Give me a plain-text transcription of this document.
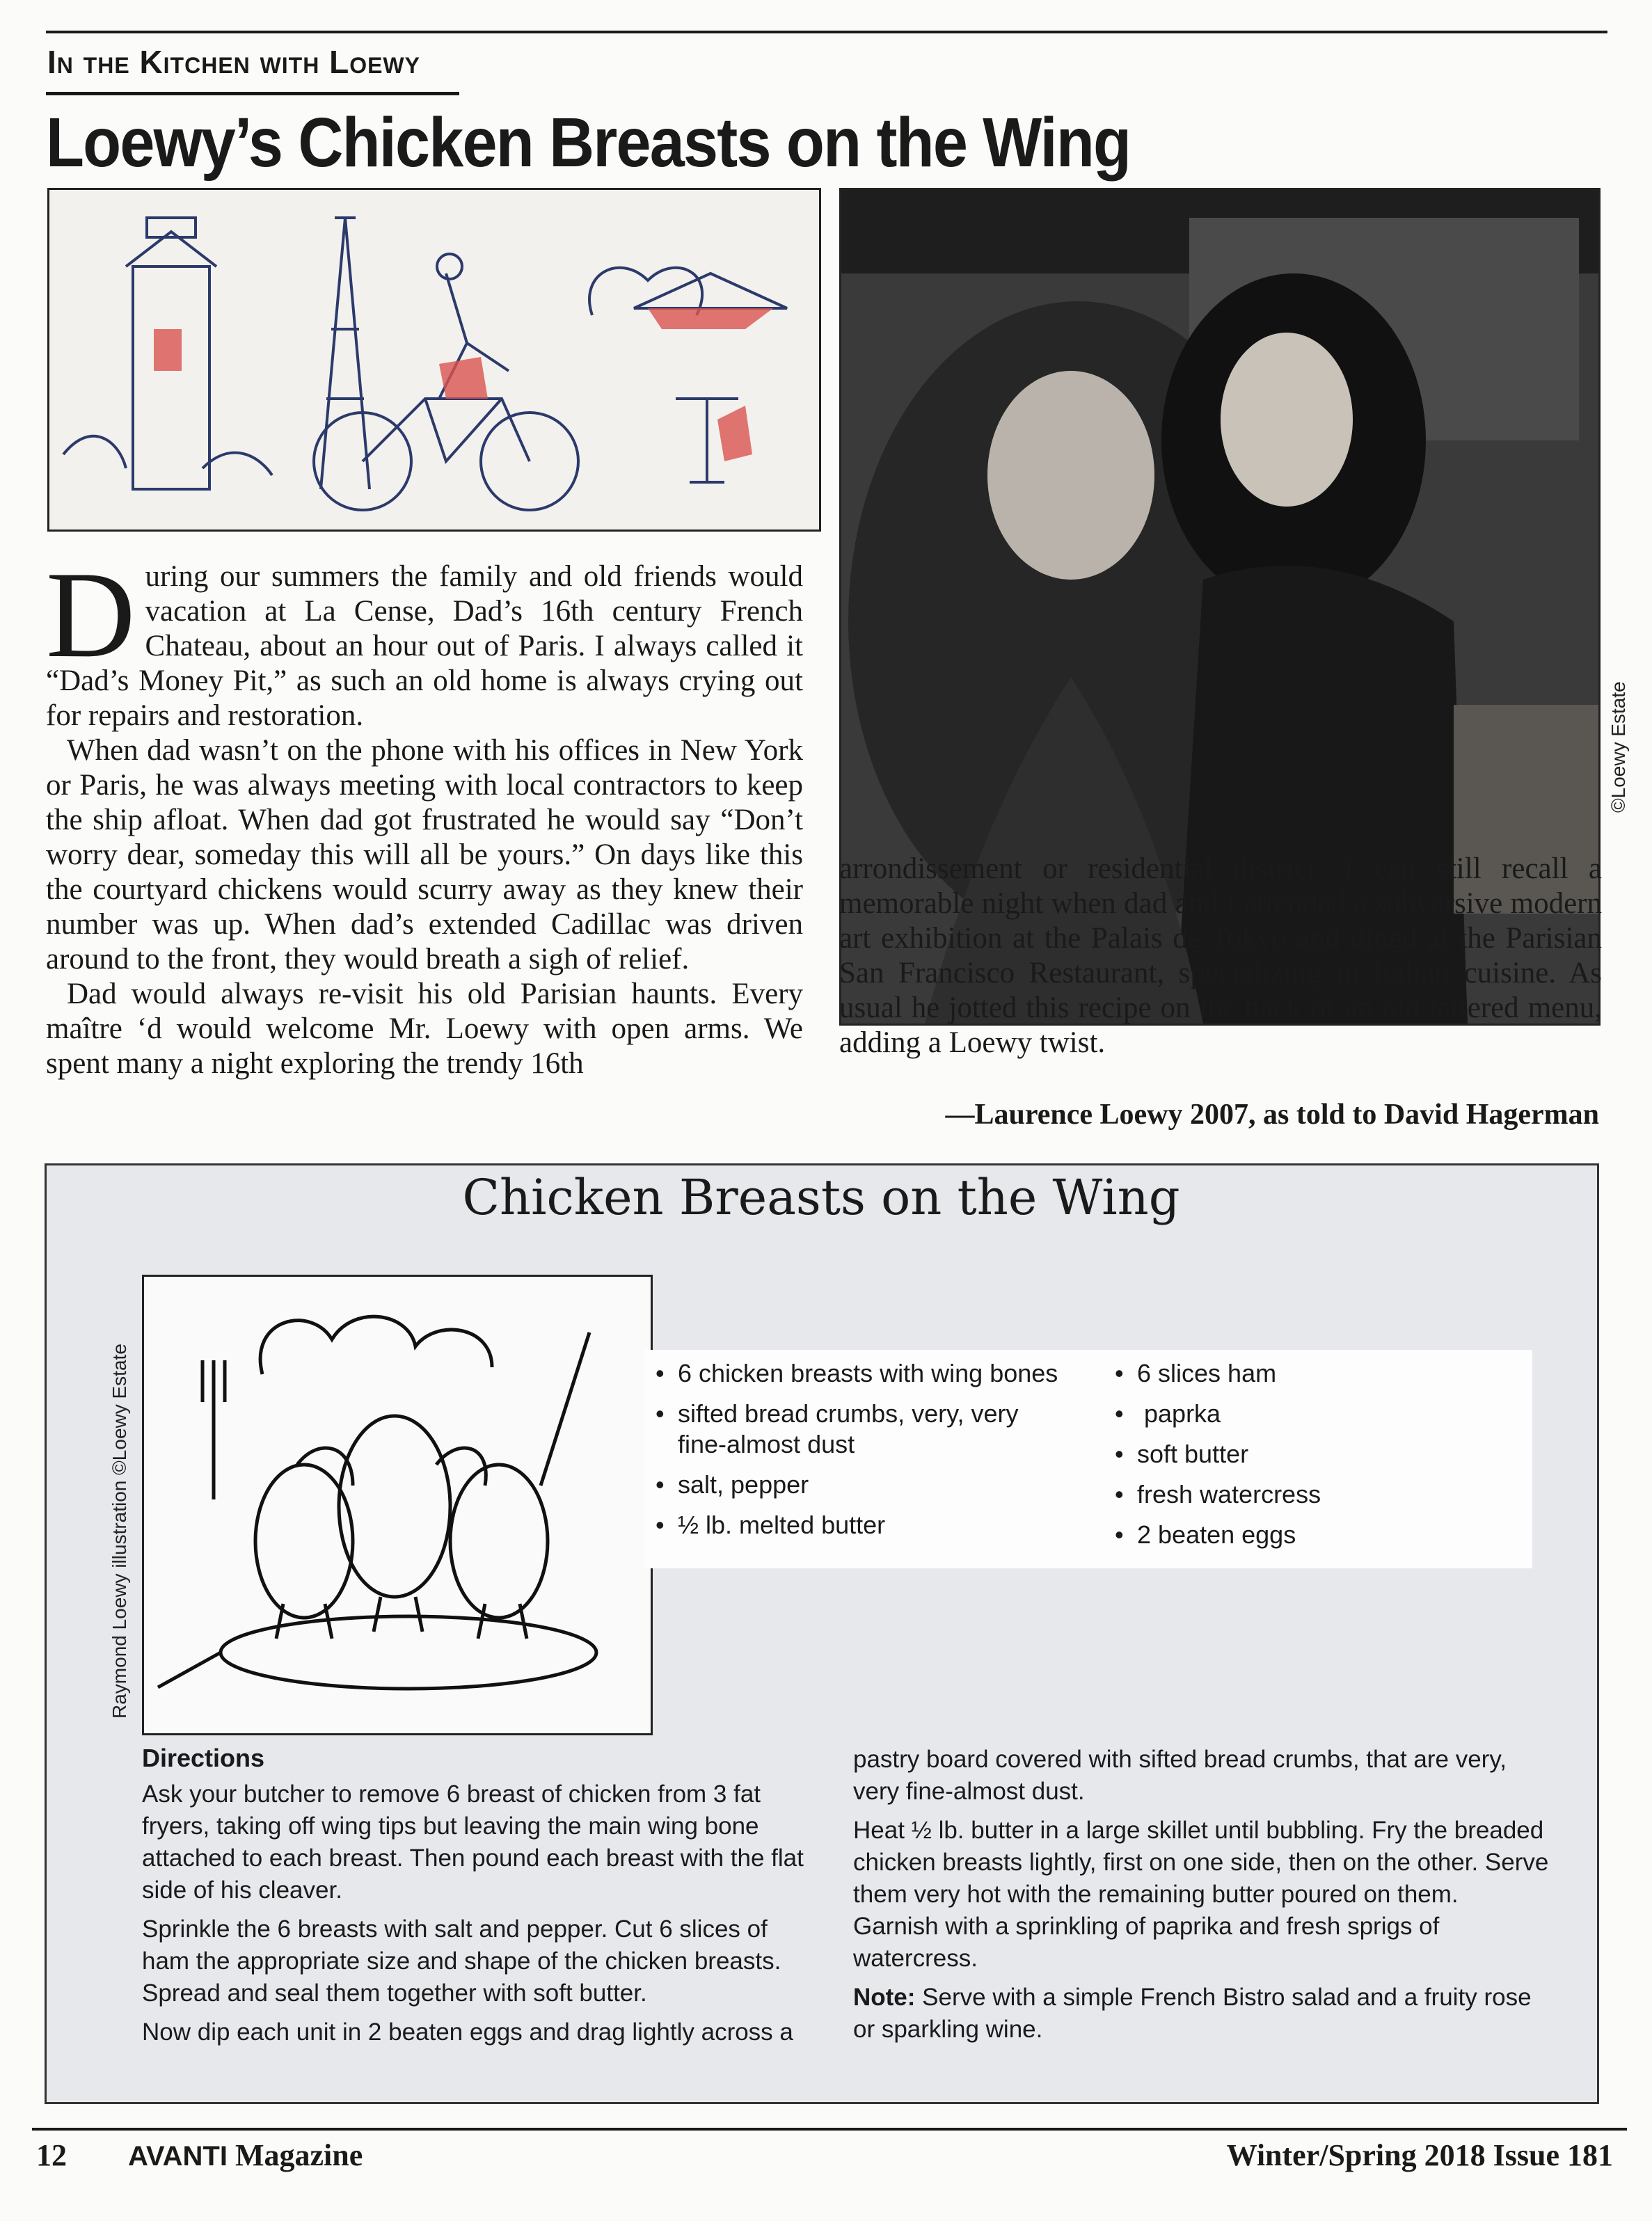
In the Kitchen with Loewy
Loewy’s Chicken Breasts on the Wing
©Loewy Estate

During our summers the family and old friends would vacation at La Cense, Dad’s 16th century French Chateau, about an hour out of Paris. I always called it “Dad’s Money Pit,” as such an old home is always crying out for repairs and restoration.

When dad wasn’t on the phone with his offices in New York or Paris, he was always meeting with local contractors to keep the ship afloat. When dad got frustrated he would say “Don’t worry dear, someday this will all be yours.” On days like this the courtyard chickens would scurry away as they knew their number was up. When dad’s extended Cadillac was driven around to the front, they would breath a sigh of relief.

Dad would always re-visit his old Parisian haunts. Every maître ‘d would welcome Mr. Loewy with open arms. We spent many a night exploring the trendy 16th

arrondissement or residential district. I can still recall a memorable night when dad and I attended a subversive modern art exhibition at the Palais de Tokyo and dined at the Parisian San Francisco Restaurant, specializing in Italian cuisine. As usual he jotted this recipe on the back of an old tattered menu, adding a Loewy twist.

—Laurence Loewy 2007, as told to David Hagerman
Chicken Breasts on the Wing
Raymond Loewy illustration ©Loewy Estate
•	6 chicken breasts with wing bones
• sifted bread crumbs, very, very fine-almost dust
• salt, pepper
• ½ lb. melted butter
• 6 slices ham
•  paprka
• soft butter
• fresh watercress
• 2 beaten eggs

Directions

Ask your butcher to remove 6 breast of chicken from 3 fat fryers, taking off wing tips but leaving the main wing bone attached to each breast. Then pound each breast with the flat side of his cleaver.

Sprinkle the 6 breasts with salt and pepper. Cut 6 slices of ham the appropriate size and shape of the chicken breasts. Spread and seal them together with soft butter.

Now dip each unit in 2 beaten eggs and drag lightly across a

pastry board covered with sifted bread crumbs, that are very, very fine-almost dust.

Heat ½ lb. butter in a large skillet until bubbling. Fry the breaded chicken breasts lightly, first on one side, then on the other. Serve them very hot with the remaining butter poured on them. Garnish with a sprinkling of paprika and fresh sprigs of watercress.

Note: Serve with a simple French Bistro salad and a fruity rose or sparkling wine.

12 AVANTI Magazine	Winter/Spring 2018 Issue 181
